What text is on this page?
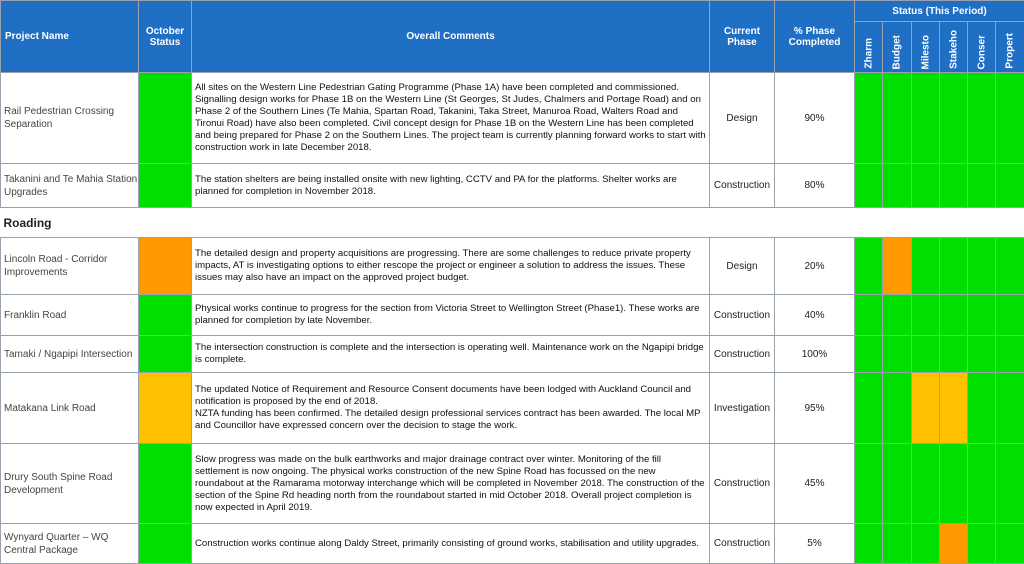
Project Name	October Status	Overall Comments	Current Phase	% Phase Completed	Status (This Period)					

					Zharm	Budget	Milesto	Stakeho	Conser	Propert

Rail Pedestrian Crossing Separation		All sites on the Western Line Pedestrian Gating Programme (Phase 1A) have been completed and commissioned. Signalling design works for Phase 1B on the Western Line (St Georges, St Judes, Chalmers and Portage Road) and on Phase 2 of the Southern Lines (Te Mahia, Spartan Road, Takanini, Taka Street, Manuroa Road, Walters Road and Tironui Road) have also been completed. Civil concept design for Phase 1B on the Western Line has been completed and being prepared for Phase 2 on the Southern Lines. The project team is currently planning forward works to start with construction work in late December 2018.	Design	90%						
Takanini and Te Mahia Station Upgrades		The station shelters are being installed onsite with new lighting, CCTV and PA for the platforms. Shelter works are planned for completion in November 2018.	Construction	80%						
Roading										
Lincoln Road - Corridor Improvements		The detailed design and property acquisitions are progressing. There are some challenges to reduce private property impacts, AT is investigating options to either rescope the project or engineer a solution to address the issues. These issues may also have an impact on the approved project budget.	Design	20%						
Franklin Road		Physical works continue to progress for the section from Victoria Street to Wellington Street (Phase1). These works are planned for completion by late November.	Construction	40%						
Tamaki / Ngapipi Intersection		The intersection construction is complete and the intersection is operating well. Maintenance work on the Ngapipi bridge is complete.	Construction	100%						
Matakana Link Road		The updated Notice of Requirement and Resource Consent documents have been lodged with Auckland Council and notification is proposed by the end of 2018.
NZTA funding has been confirmed. The detailed design professional services contract has been awarded. The local MP and Councillor have expressed concern over the decision to stage the work.	Investigation	95%						
Drury South Spine Road Development		Slow progress was made on the bulk earthworks and major drainage contract over winter. Monitoring of the fill settlement is now ongoing. The physical works construction of the new Spine Road has focussed on the new roundabout at the Ramarama motorway interchange which will be completed in November 2018. The construction of the section of the Spine Rd heading north from the roundabout started in mid October 2018. Overall project completion is now expected in April 2019.	Construction	45%						
Wynyard Quarter – WQ Central Package		Construction works continue along Daldy Street, primarily consisting of ground works, stabilisation and utility upgrades.	Construction	5%						
